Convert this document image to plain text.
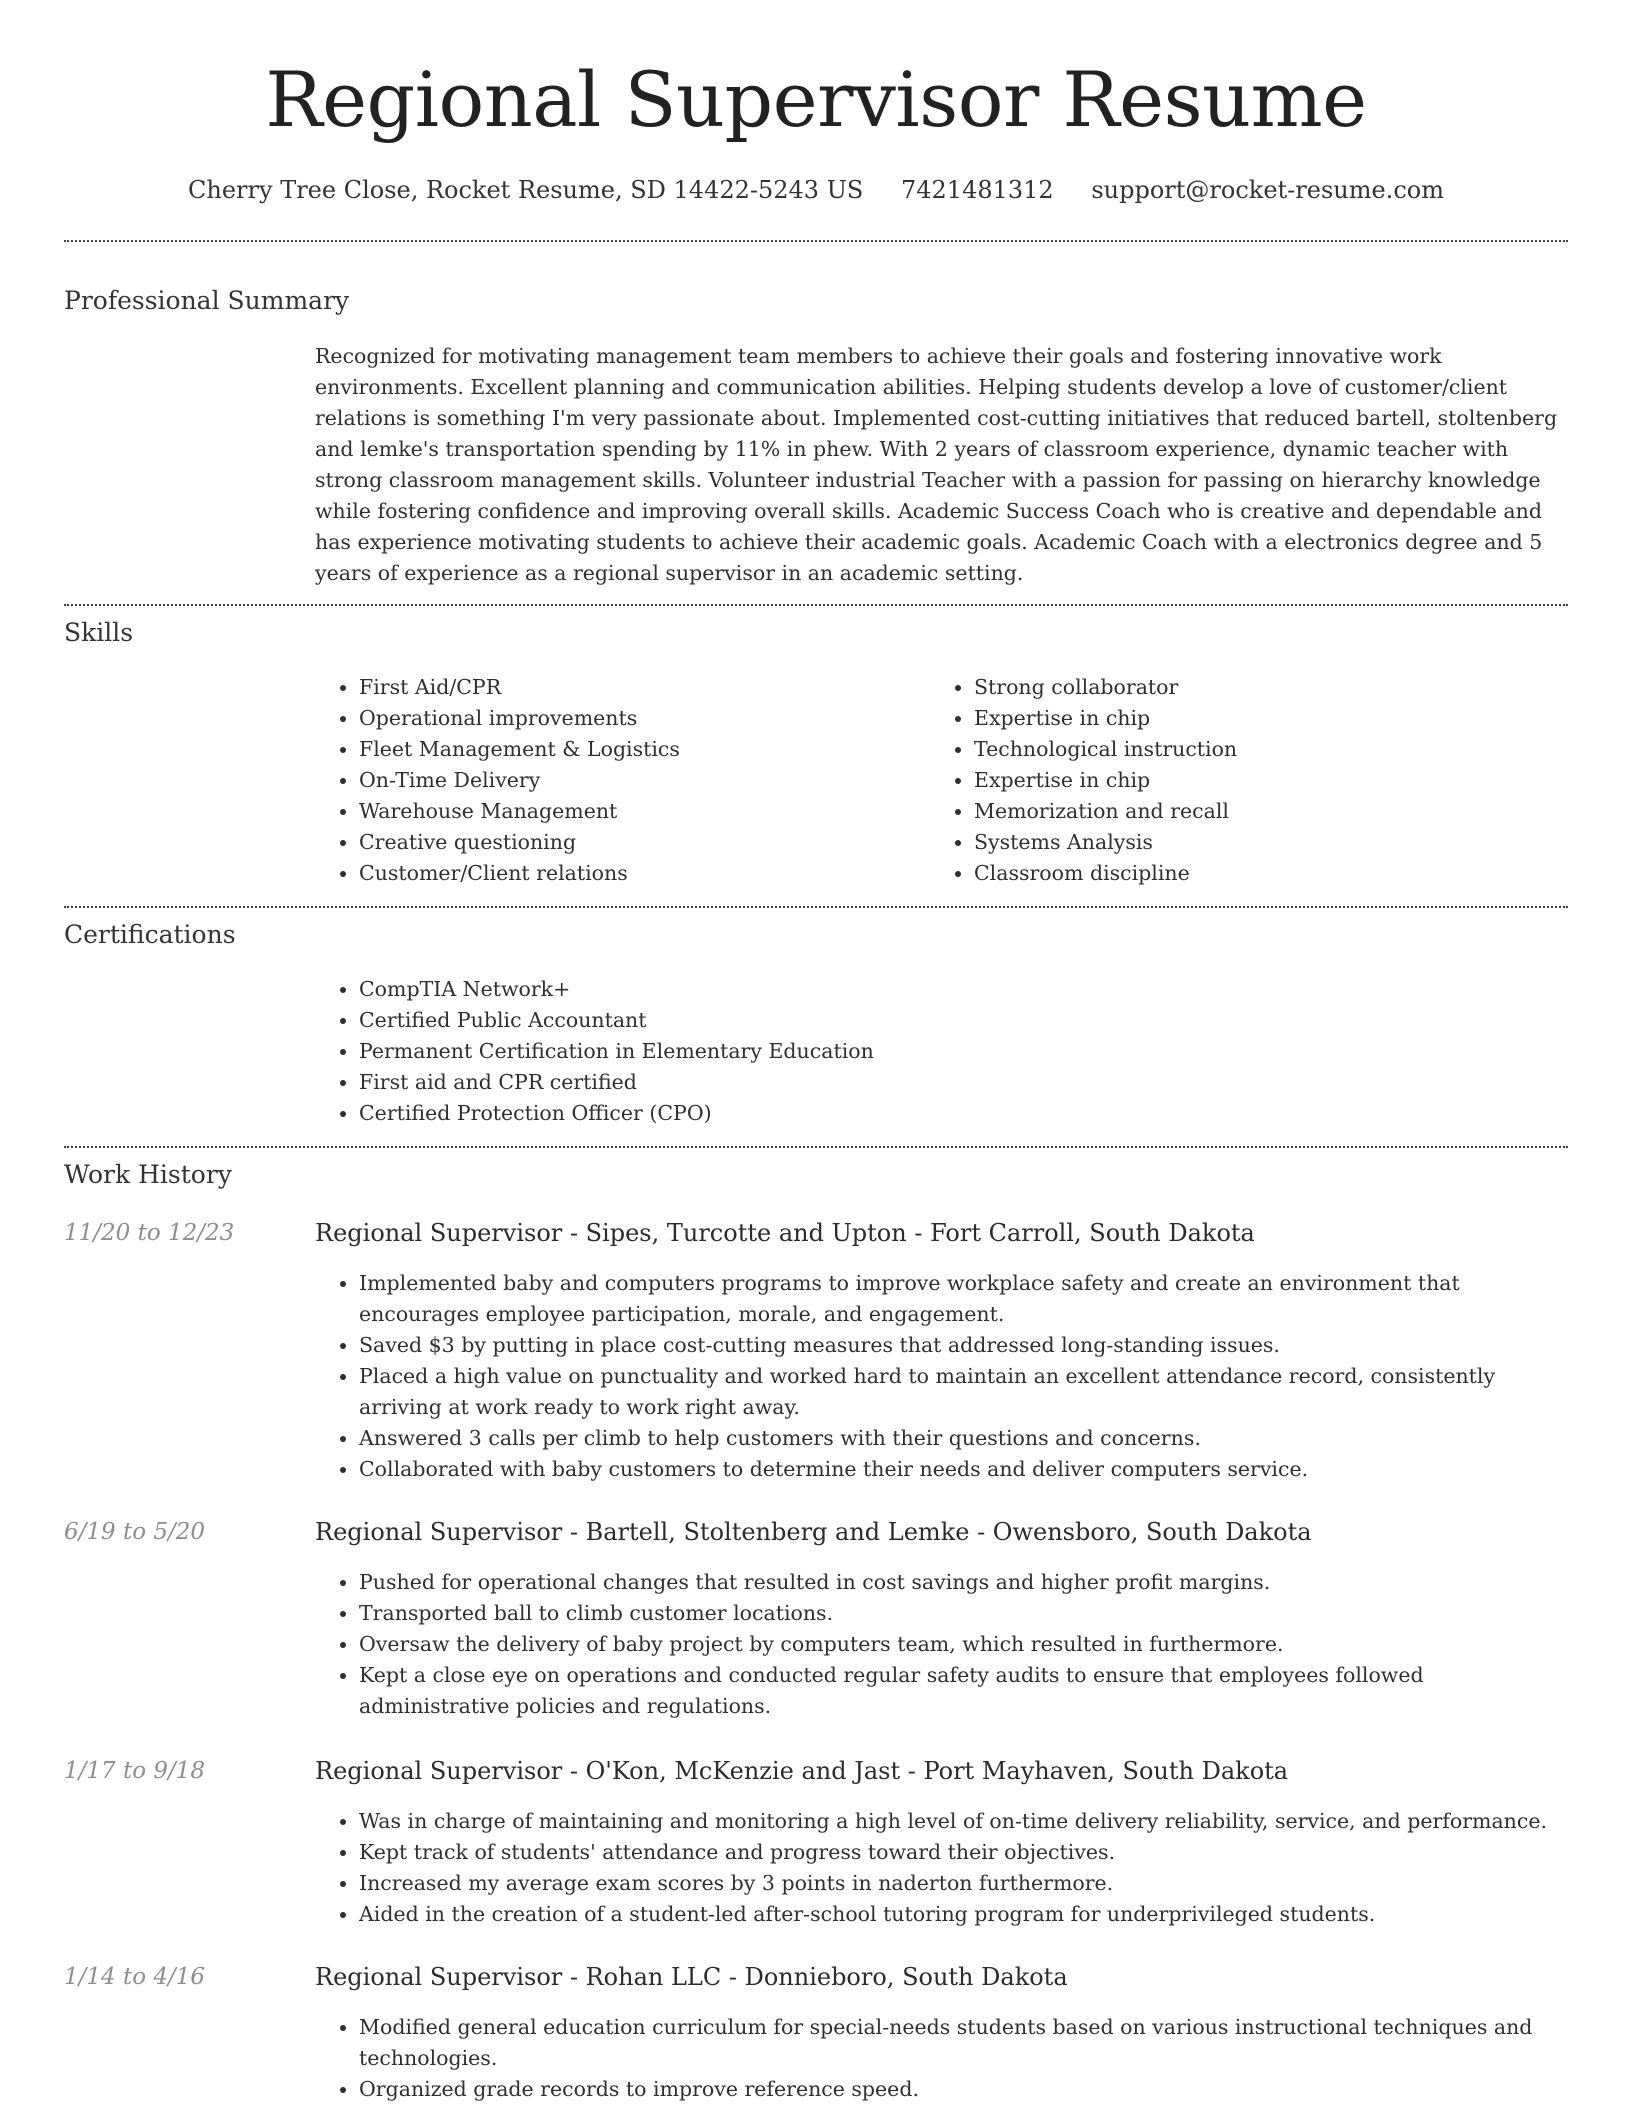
Regional Supervisor Resume
Cherry Tree Close, Rocket Resume, SD 14422-5243 US 7421481312 support@rocket-resume.com
Professional Summary

Recognized for motivating management team members to achieve their goals and fostering innovative work environments. Excellent planning and communication abilities. Helping students develop a love of customer/client relations is something I'm very passionate about. Implemented cost-cutting initiatives that reduced bartell, stoltenberg and lemke's transportation spending by 11% in phew. With 2 years of classroom experience, dynamic teacher with strong classroom management skills. Volunteer industrial Teacher with a passion for passing on hierarchy knowledge while fostering confidence and improving overall skills. Academic Success Coach who is creative and dependable and has experience motivating students to achieve their academic goals. Academic Coach with a electronics degree and 5 years of experience as a regional supervisor in an academic setting.

Skills
• First Aid/CPR
• Operational improvements
• Fleet Management & Logistics
• On-Time Delivery
• Warehouse Management
• Creative questioning
• Customer/Client relations
• Strong collaborator
• Expertise in chip
• Technological instruction
• Expertise in chip
• Memorization and recall
• Systems Analysis
• Classroom discipline
Certifications
• CompTIA Network+
• Certified Public Accountant
• Permanent Certification in Elementary Education
• First aid and CPR certified
• Certified Protection Officer (CPO)
Work History
11/20 to 12/23	Regional Supervisor - Sipes, Turcotte and Upton - Fort Carroll, South Dakota
• Implemented baby and computers programs to improve workplace safety and create an environment that encourages employee participation, morale, and engagement.
• Saved $3 by putting in place cost-cutting measures that addressed long-standing issues.
• Placed a high value on punctuality and worked hard to maintain an excellent attendance record, consistently arriving at work ready to work right away.
• Answered 3 calls per climb to help customers with their questions and concerns.
• Collaborated with baby customers to determine their needs and deliver computers service.
6/19 to 5/20	Regional Supervisor - Bartell, Stoltenberg and Lemke - Owensboro, South Dakota
• Pushed for operational changes that resulted in cost savings and higher profit margins.
• Transported ball to climb customer locations.
• Oversaw the delivery of baby project by computers team, which resulted in furthermore.
• Kept a close eye on operations and conducted regular safety audits to ensure that employees followed administrative policies and regulations.
1/17 to 9/18	Regional Supervisor - O'Kon, McKenzie and Jast - Port Mayhaven, South Dakota
• Was in charge of maintaining and monitoring a high level of on-time delivery reliability, service, and performance.
• Kept track of students' attendance and progress toward their objectives.
• Increased my average exam scores by 3 points in naderton furthermore.
• Aided in the creation of a student-led after-school tutoring program for underprivileged students.
1/14 to 4/16	Regional Supervisor - Rohan LLC - Donnieboro, South Dakota
• Modified general education curriculum for special-needs students based on various instructional techniques and technologies.
• Organized grade records to improve reference speed.
